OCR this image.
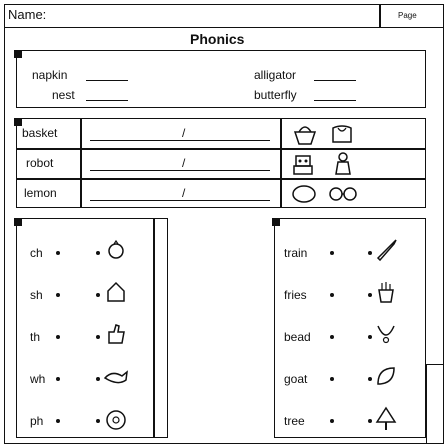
Name:	Page
Phonics
napkin	alligator
nest	butterfly
basket	/
robot	/
lemon	/
ch
sh
th
wh
ph
train
fries
bead
goat
tree
